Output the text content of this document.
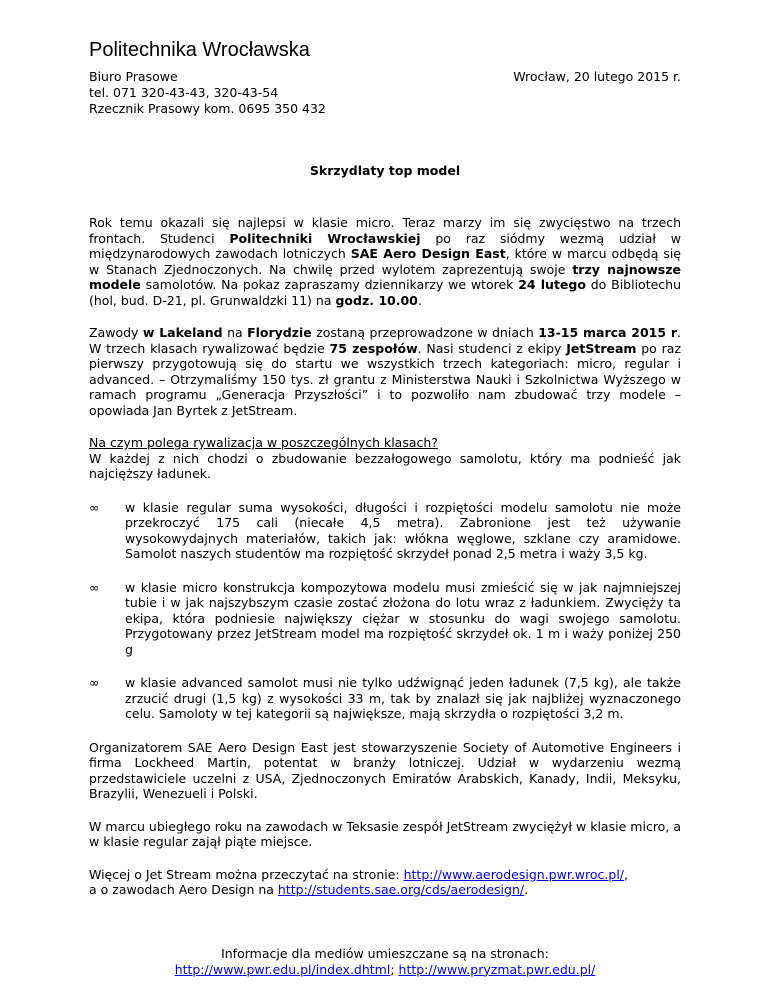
Politechnika Wrocławska
Biuro Prasowe
tel. 071 320-43-43, 320-43-54
Rzecznik Prasowy kom. 0695 350 432
Wrocław, 20 lutego 2015 r.
Skrzydlaty top model

Rok temu okazali się najlepsi w klasie micro. Teraz marzy im się zwycięstwo na trzech frontach. Studenci Politechniki Wrocławskiej po raz siódmy wezmą udział w międzynarodowych zawodach lotniczych SAE Aero Design East, które w marcu odbędą się w Stanach Zjednoczonych. Na chwilę przed wylotem zaprezentują swoje trzy najnowsze modele samolotów. Na pokaz zapraszamy dziennikarzy we wtorek 24 lutego do Bibliotechu (hol, bud. D-21, pl. Grunwaldzki 11) na godz. 10.00.

Zawody w Lakeland na Florydzie zostaną przeprowadzone w dniach 13-15 marca 2015 r. W trzech klasach rywalizować będzie 75 zespołów. Nasi studenci z ekipy JetStream po raz pierwszy przygotowują się do startu we wszystkich trzech kategoriach: micro, regular i advanced. – Otrzymaliśmy 150 tys. zł grantu z Ministerstwa Nauki i Szkolnictwa Wyższego w ramach programu „Generacja Przyszłości” i to pozwoliło nam zbudować trzy modele – opowiada Jan Byrtek z JetStream.

Na czym polega rywalizacja w poszczególnych klasach?

W każdej z nich chodzi o zbudowanie bezzałogowego samolotu, który ma podnieść jak najcięższy ładunek.

∞ w klasie regular suma wysokości, długości i rozpiętości modelu samolotu nie może przekroczyć 175 cali (niecałe 4,5 metra). Zabronione jest też używanie wysokowydajnych materiałów, takich jak: włókna węglowe, szklane czy aramidowe. Samolot naszych studentów ma rozpiętość skrzydeł ponad 2,5 metra i waży 3,5 kg.

∞ w klasie micro konstrukcja kompozytowa modelu musi zmieścić się w jak najmniejszej tubie i w jak najszybszym czasie zostać złożona do lotu wraz z ładunkiem. Zwycięży ta ekipa, która podniesie największy ciężar w stosunku do wagi swojego samolotu. Przygotowany przez JetStream model ma rozpiętość skrzydeł ok. 1 m i waży poniżej 250 g

∞ w klasie advanced samolot musi nie tylko udźwignąć jeden ładunek (7,5 kg), ale także zrzucić drugi (1,5 kg) z wysokości 33 m, tak by znalazł się jak najbliżej wyznaczonego celu. Samoloty w tej kategorii są największe, mają skrzydła o rozpiętości 3,2 m.

Organizatorem SAE Aero Design East jest stowarzyszenie Society of Automotive Engineers i firma Lockheed Martin, potentat w branży lotniczej. Udział w wydarzeniu wezmą przedstawiciele uczelni z USA, Zjednoczonych Emiratów Arabskich, Kanady, Indii, Meksyku, Brazylii, Wenezueli i Polski.

W marcu ubiegłego roku na zawodach w Teksasie zespół JetStream zwyciężył w klasie micro, a w klasie regular zajął piąte miejsce.

Więcej o Jet Stream można przeczytać na stronie: http://www.aerodesign.pwr.wroc.pl/,
a o zawodach Aero Design na http://students.sae.org/cds/aerodesign/.

Informacje dla mediów umieszczane są na stronach:
http://www.pwr.edu.pl/index.dhtml; http://www.pryzmat.pwr.edu.pl/
